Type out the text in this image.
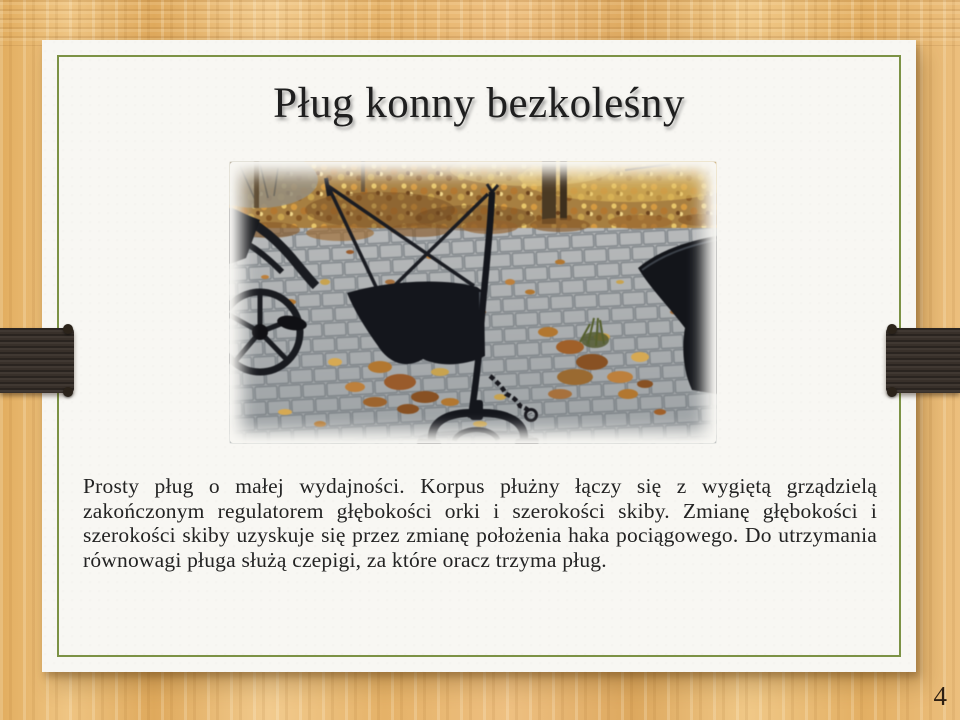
Pług konny bezkoleśny

Prosty pług o małej wydajności. Korpus płużny łączy się z wygiętą grządzielą zakończonym regulatorem głębokości orki i szerokości skiby. Zmianę głębokości i szerokości skiby uzyskuje się przez zmianę położenia haka pociągowego. Do utrzymania równowagi pługa służą czepigi, za które oracz trzyma pług.

4
